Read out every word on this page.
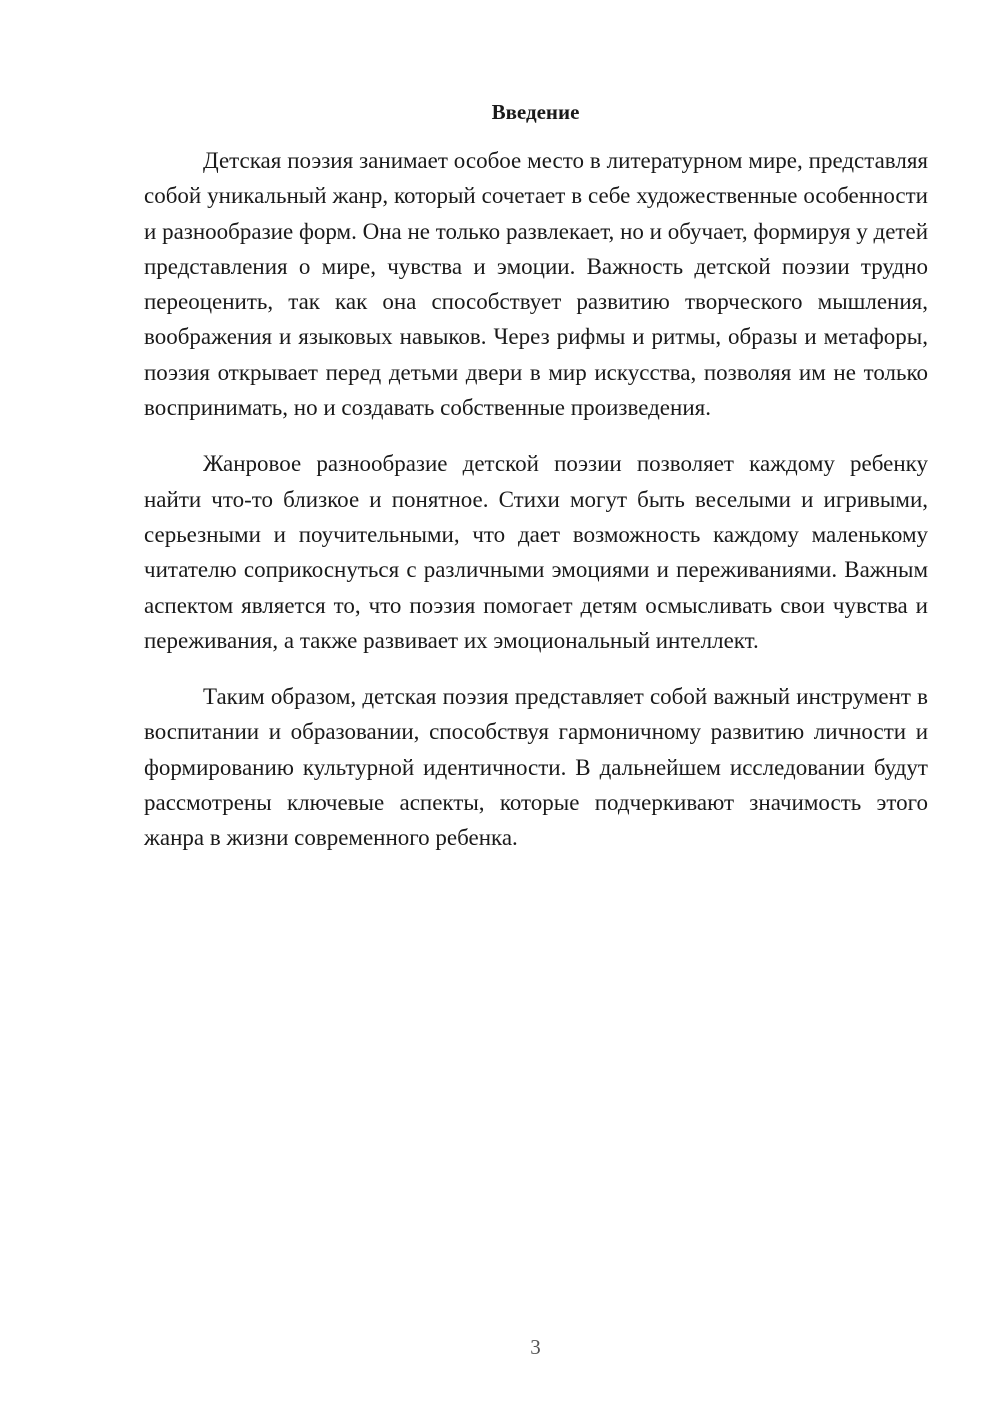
Введение

Детская поэзия занимает особое место в литературном мире, представляя собой уникальный жанр, который сочетает в себе художественные особенности и разнообразие форм. Она не только развлекает, но и обучает, формируя у детей представления о мире, чувства и эмоции. Важность детской поэзии трудно переоценить, так как она способствует развитию творческого мышления, воображения и языковых навыков. Через рифмы и ритмы, образы и метафоры, поэзия открывает перед детьми двери в мир искусства, позволяя им не только воспринимать, но и создавать собственные произведения.

Жанровое разнообразие детской поэзии позволяет каждому ребенку найти что-то близкое и понятное. Стихи могут быть веселыми и игривыми, серьезными и поучительными, что дает возможность каждому маленькому читателю соприкоснуться с различными эмоциями и переживаниями. Важным аспектом является то, что поэзия помогает детям осмысливать свои чувства и переживания, а также развивает их эмоциональный интеллект.

Таким образом, детская поэзия представляет собой важный инструмент в воспитании и образовании, способствуя гармоничному развитию личности и формированию культурной идентичности. В дальнейшем исследовании будут рассмотрены ключевые аспекты, которые подчеркивают значимость этого жанра в жизни современного ребенка.

3
